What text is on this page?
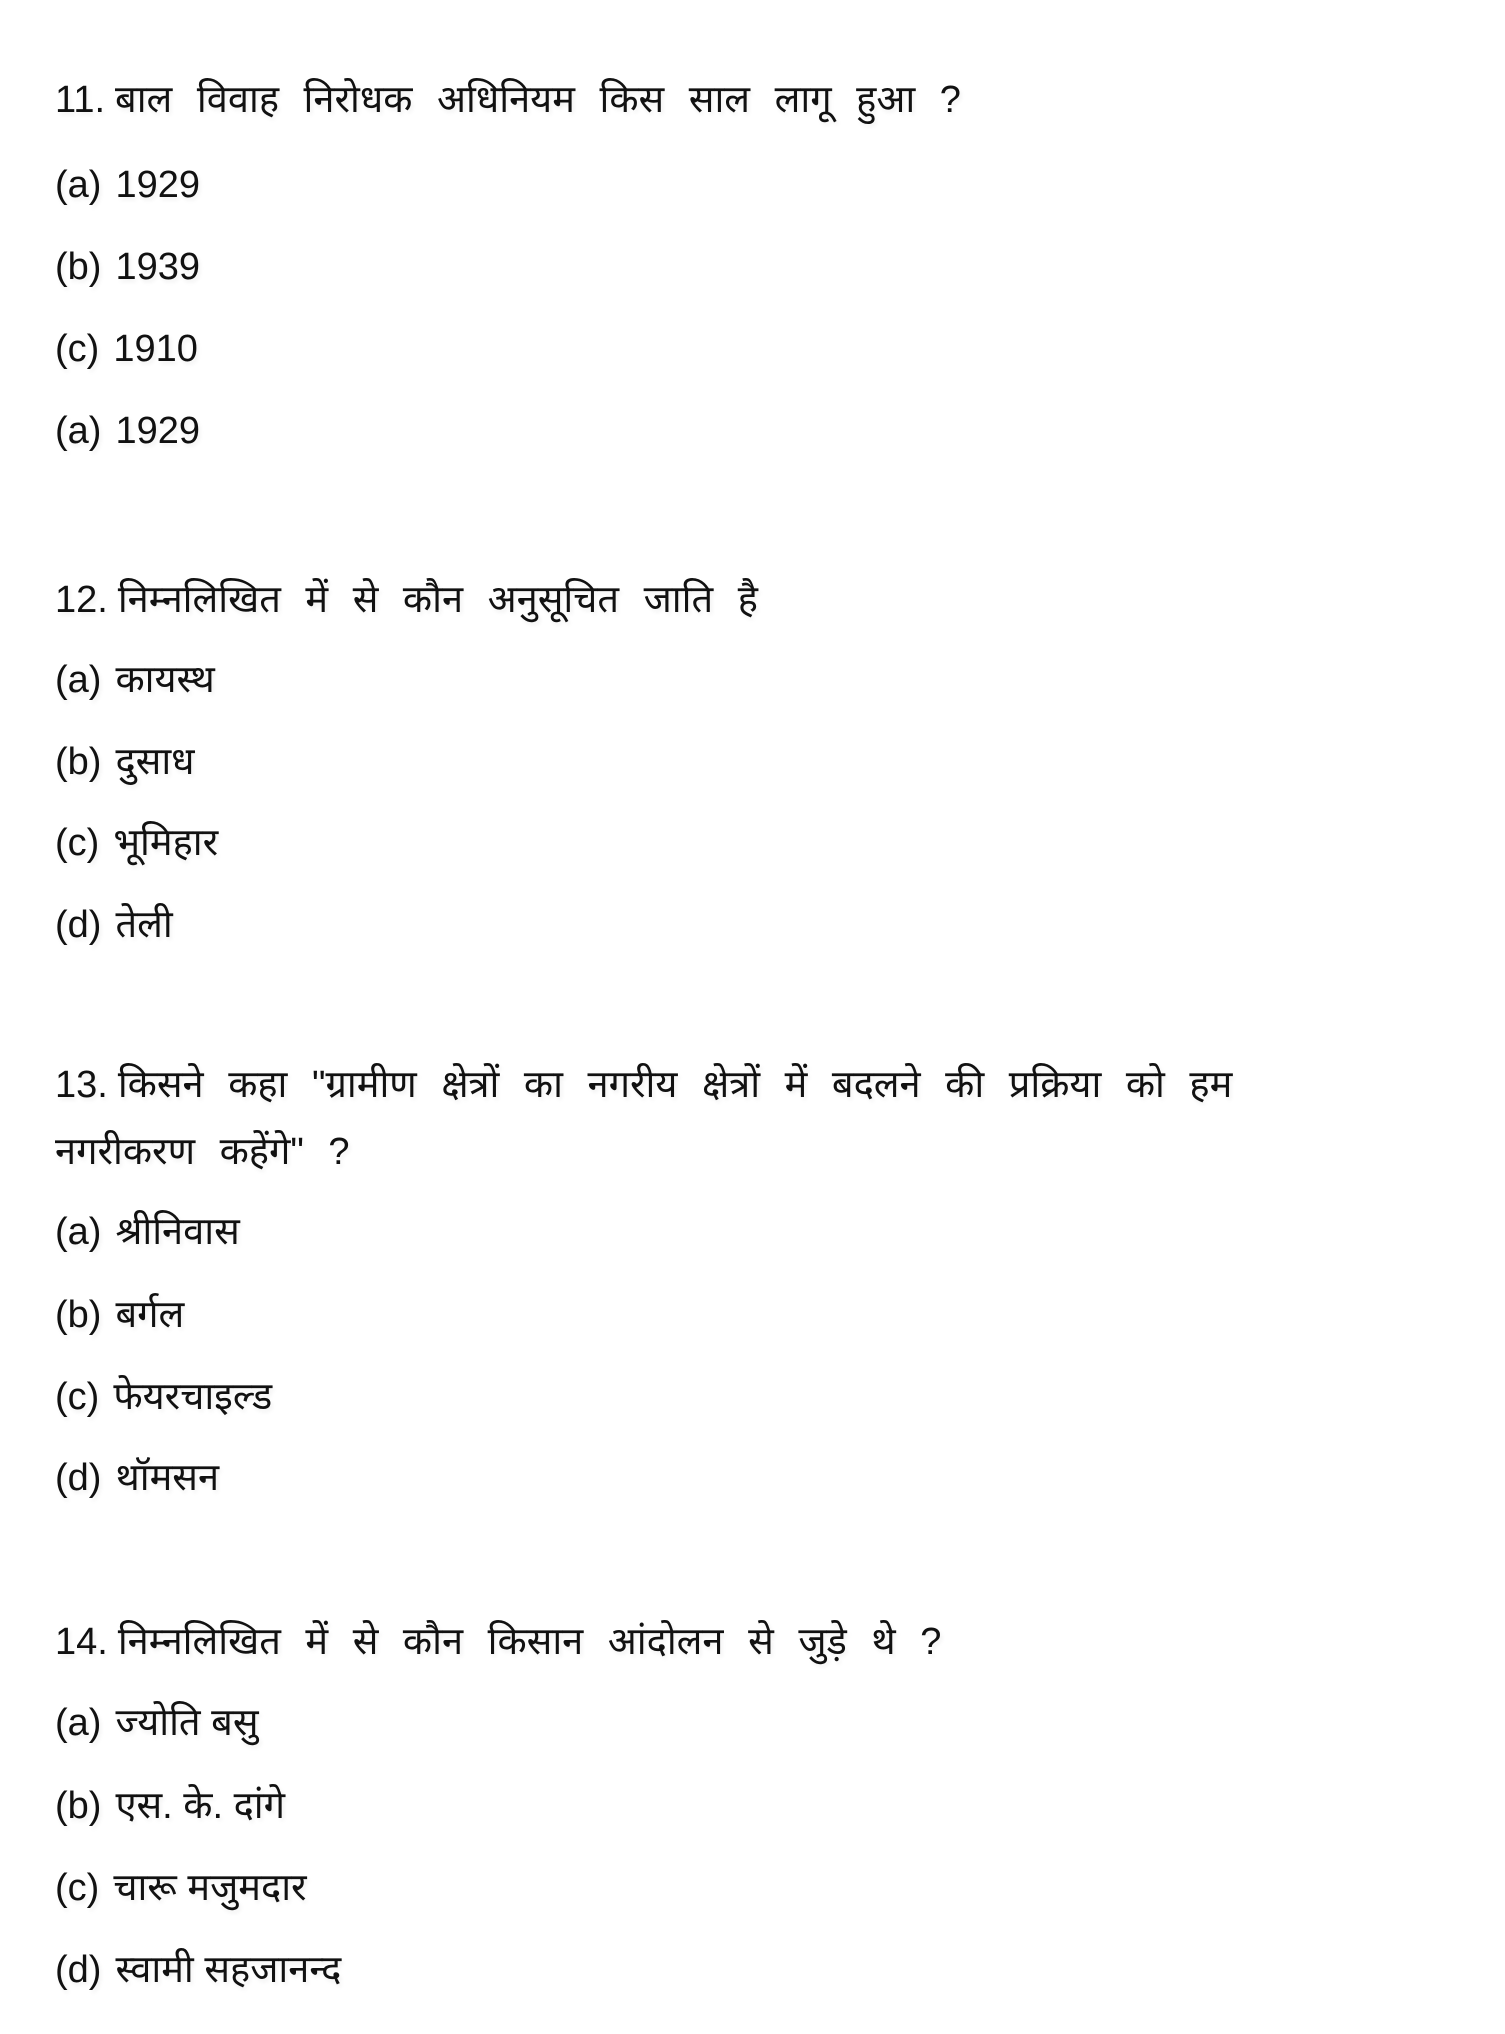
11. बाल विवाह निरोधक अधिनियम किस साल लागू हुआ ?
(a) 1929
(b) 1939
(c) 1910
(a) 1929
12. निम्नलिखित में से कौन अनुसूचित जाति है
(a) कायस्थ
(b) दुसाध
(c) भूमिहार
(d) तेली
13. किसने कहा "ग्रामीण क्षेत्रों का नगरीय क्षेत्रों में बदलने की प्रक्रिया को हम
नगरीकरण कहेंगे" ?
(a) श्रीनिवास
(b) बर्गल
(c) फेयरचाइल्ड
(d) थॉमसन
14. निम्नलिखित में से कौन किसान आंदोलन से जुड़े थे ?
(a) ज्योति बसु
(b) एस. के. दांगे
(c) चारू मजुमदार
(d) स्वामी सहजानन्द
